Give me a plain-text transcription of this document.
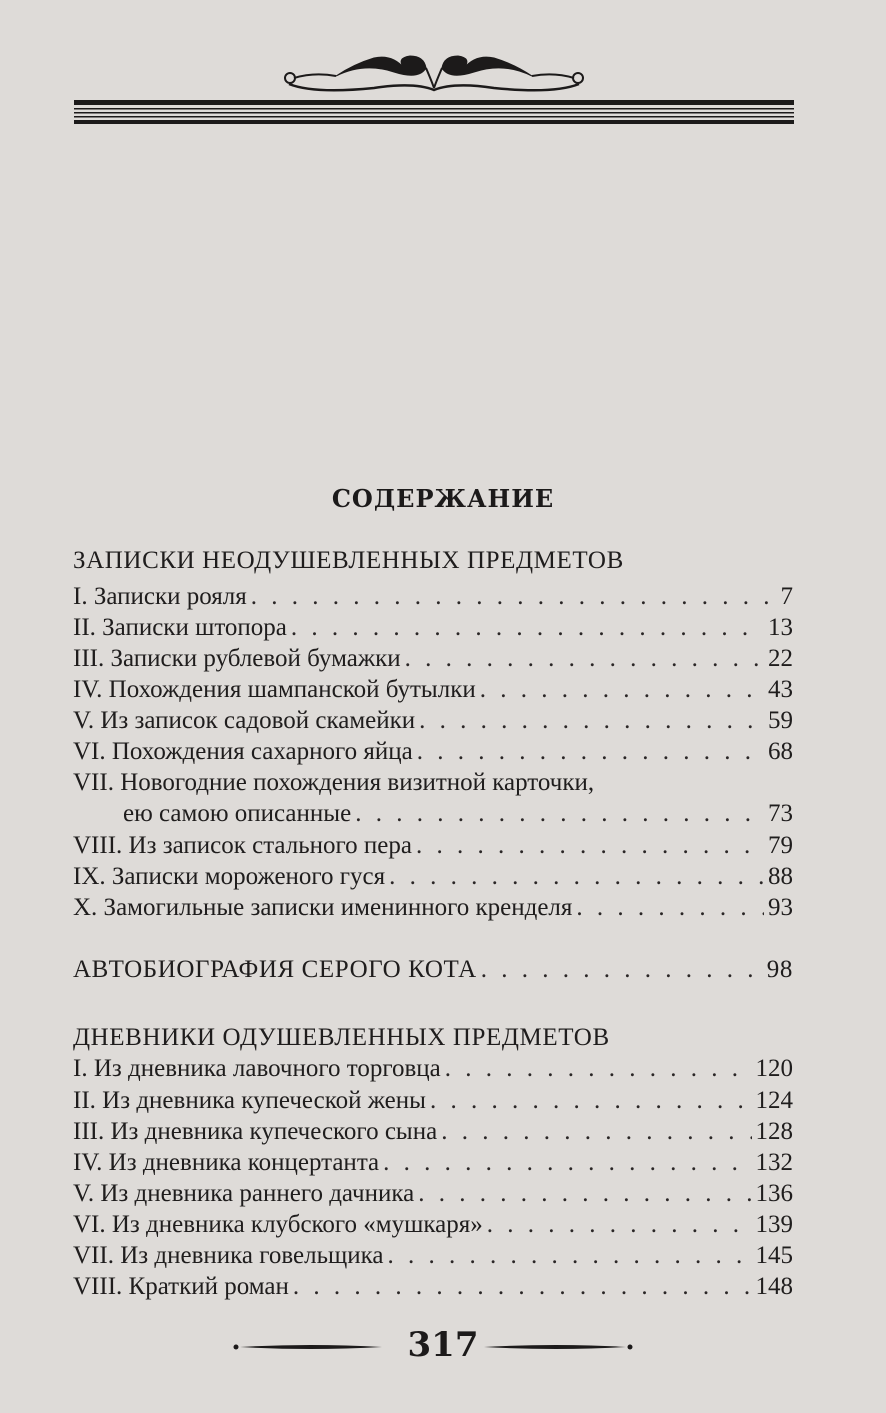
СОДЕРЖАНИЕ
ЗАПИСКИ НЕОДУШЕВЛЕННЫХ ПРЕДМЕТОВ
I. Записки рояля . . .	7
II. Записки штопора . . .	13
III. Записки рублевой бумажки . . .	22
IV. Похождения шампанской бутылки . . .	43
V. Из записок садовой скамейки . . .	59
VI. Похождения сахарного яйца . . .	68
VII. Новогодние похождения визитной карточки,
ею самою описанные . . .	73
VIII. Из записок стального пера . . .	79
IX. Записки мороженого гуся . . .	88
X. Замогильные записки именинного кренделя . . .	93
АВТОБИОГРАФИЯ СЕРОГО КОТА . . .	98
ДНЕВНИКИ ОДУШЕВЛЕННЫХ ПРЕДМЕТОВ
I. Из дневника лавочного торговца . . .	120
II. Из дневника купеческой жены . . .	124
III. Из дневника купеческого сына . . .	128
IV. Из дневника концертанта . . .	132
V. Из дневника раннего дачника . . .	136
VI. Из дневника клубского «мушкаря» . . .	139
VII. Из дневника говельщика . . .	145
VIII. Краткий роман . . .	148
317
